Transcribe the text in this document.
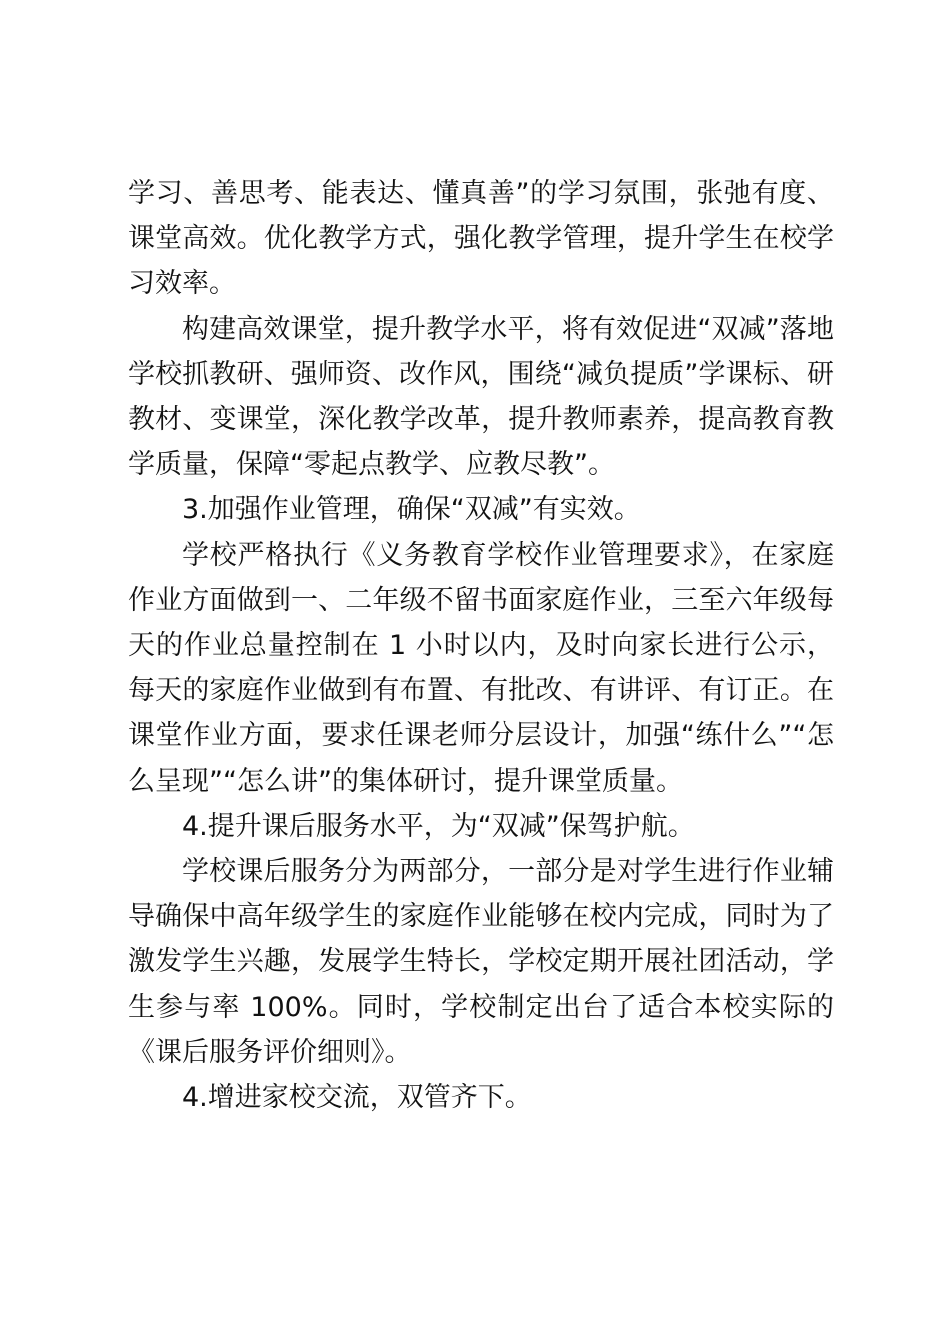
学习、善思考、能表达、懂真善”的学习氛围，张弛有度、课堂高效。优化教学方式，强化教学管理，提升学生在校学习效率。

构建高效课堂，提升教学水平，将有效促进“双减”落地学校抓教研、强师资、改作风，围绕“减负提质”学课标、研教材、变课堂，深化教学改革，提升教师素养，提高教育教学质量，保障“零起点教学、应教尽教”。

3.加强作业管理，确保“双减”有实效。

学校严格执行《义务教育学校作业管理要求》，在家庭作业方面做到一、二年级不留书面家庭作业，三至六年级每天的作业总量控制在 1 小时以内，及时向家长进行公示，每天的家庭作业做到有布置、有批改、有讲评、有订正。在课堂作业方面，要求任课老师分层设计，加强“练什么”“怎么呈现”“怎么讲”的集体研讨，提升课堂质量。

4.提升课后服务水平，为“双减”保驾护航。

学校课后服务分为两部分，一部分是对学生进行作业辅导确保中高年级学生的家庭作业能够在校内完成，同时为了激发学生兴趣，发展学生特长，学校定期开展社团活动，学生参与率 100%。同时，学校制定出台了适合本校实际的《课后服务评价细则》。

4.增进家校交流，双管齐下。
